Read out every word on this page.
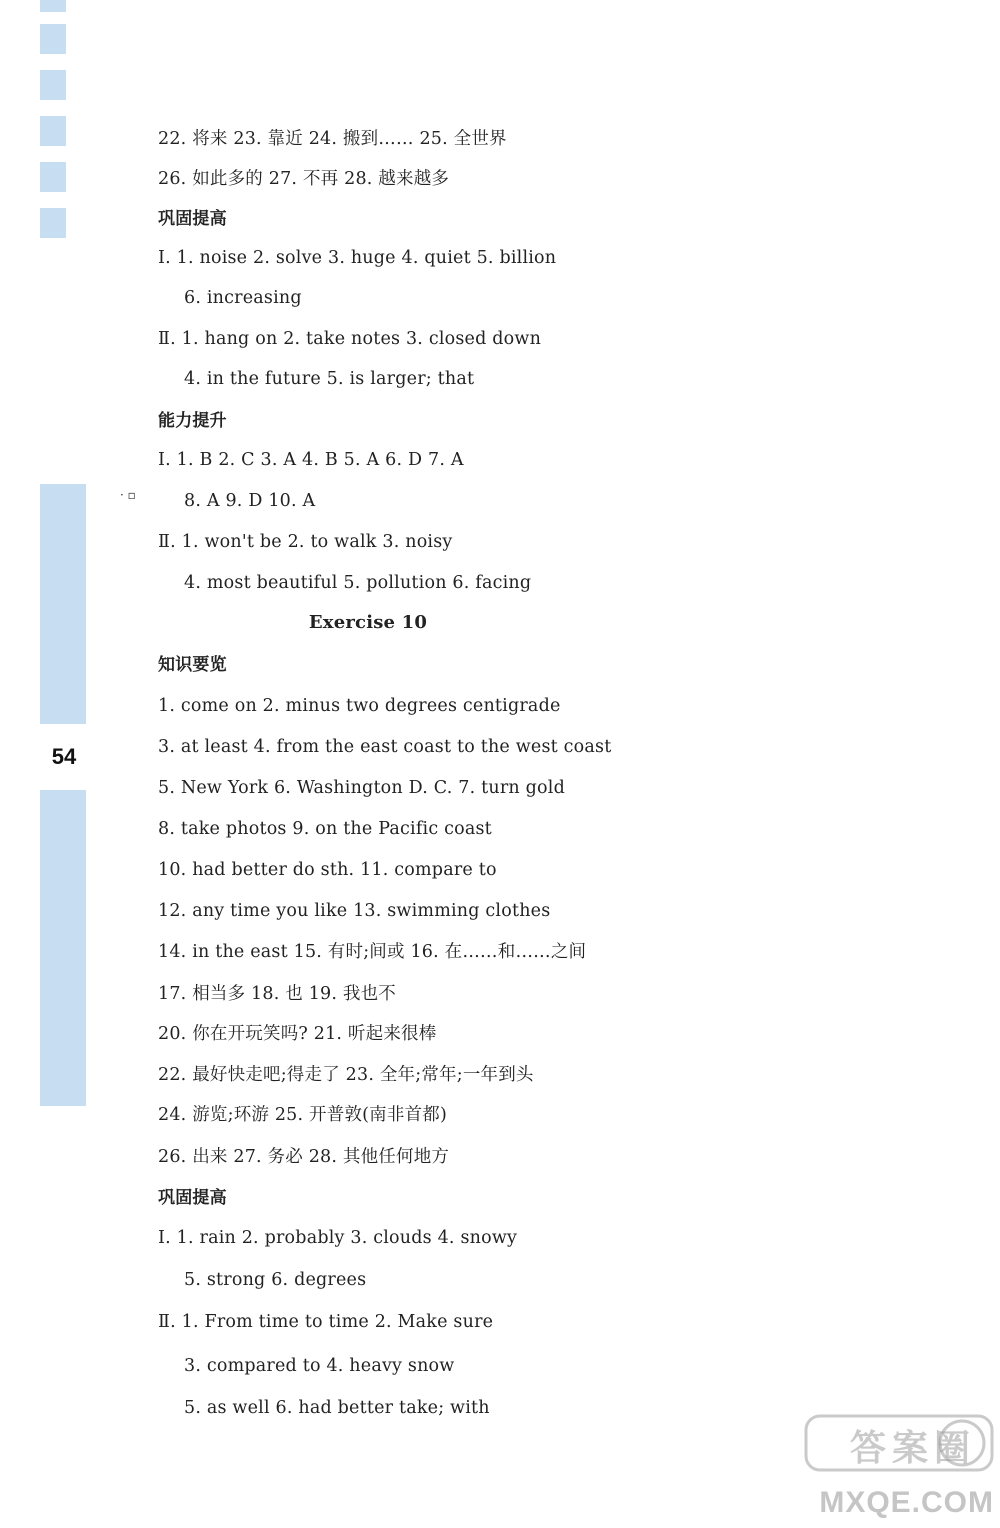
54
· ▫
22. 将来 23. 靠近 24. 搬到…… 25. 全世界
26. 如此多的 27. 不再 28. 越来越多
巩固提高
Ⅰ. 1. noise 2. solve 3. huge 4. quiet 5. billion
6. increasing
Ⅱ. 1. hang on 2. take notes 3. closed down
4. in the future 5. is larger; that
能力提升
Ⅰ. 1. B 2. C 3. A 4. B 5. A 6. D 7. A
8. A 9. D 10. A
Ⅱ. 1. won't be 2. to walk 3. noisy
4. most beautiful 5. pollution 6. facing
Exercise 10
知识要览
1. come on 2. minus two degrees centigrade
3. at least 4. from the east coast to the west coast
5. New York 6. Washington D. C. 7. turn gold
8. take photos 9. on the Pacific coast
10. had better do sth. 11. compare to
12. any time you like 13. swimming clothes
14. in the east 15. 有时;间或 16. 在……和……之间
17. 相当多 18. 也 19. 我也不
20. 你在开玩笑吗? 21. 听起来很棒
22. 最好快走吧;得走了 23. 全年;常年;一年到头
24. 游览;环游 25. 开普敦(南非首都)
26. 出来 27. 务必 28. 其他任何地方
巩固提高
Ⅰ. 1. rain 2. probably 3. clouds 4. snowy
5. strong 6. degrees
Ⅱ. 1. From time to time 2. Make sure
3. compared to 4. heavy snow
5. as well 6. had better take; with
答案圈
MXQE.COM
